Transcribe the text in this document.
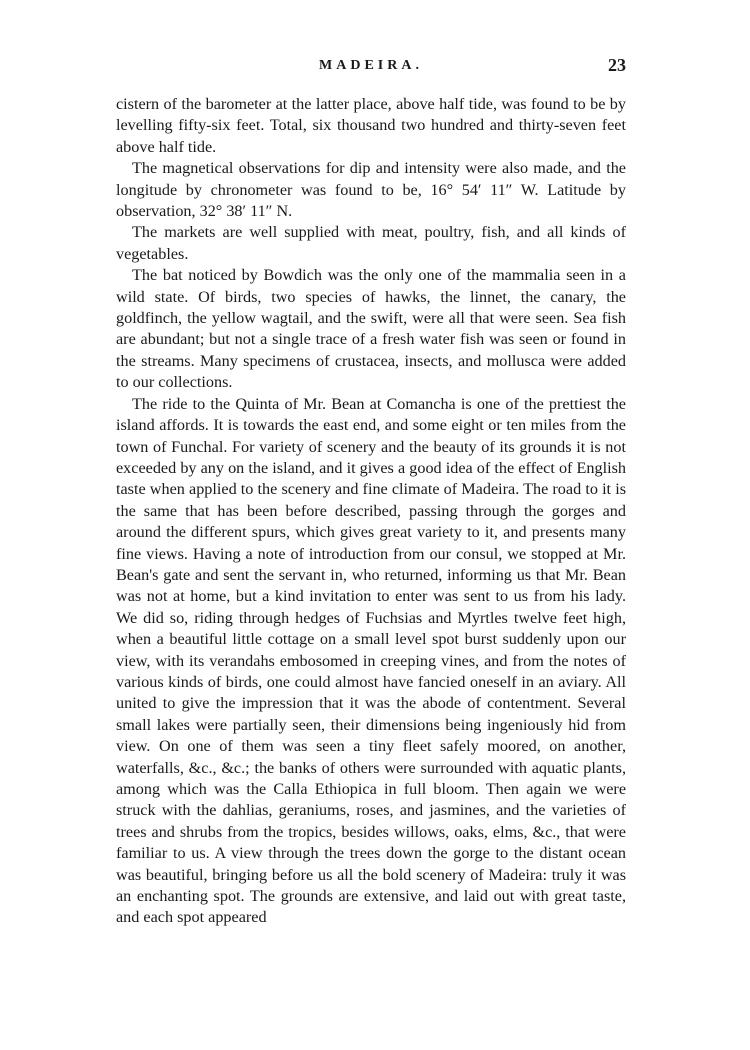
MADEIRA.	23

cistern of the barometer at the latter place, above half tide, was found to be by levelling fifty-six feet. Total, six thousand two hundred and thirty-seven feet above half tide.

The magnetical observations for dip and intensity were also made, and the longitude by chronometer was found to be, 16° 54′ 11″ W. Latitude by observation, 32° 38′ 11″ N.

The markets are well supplied with meat, poultry, fish, and all kinds of vegetables.

The bat noticed by Bowdich was the only one of the mammalia seen in a wild state. Of birds, two species of hawks, the linnet, the canary, the goldfinch, the yellow wagtail, and the swift, were all that were seen. Sea fish are abundant; but not a single trace of a fresh water fish was seen or found in the streams. Many specimens of crustacea, insects, and mollusca were added to our collections.

The ride to the Quinta of Mr. Bean at Comancha is one of the prettiest the island affords. It is towards the east end, and some eight or ten miles from the town of Funchal. For variety of scenery and the beauty of its grounds it is not exceeded by any on the island, and it gives a good idea of the effect of English taste when applied to the scenery and fine climate of Madeira. The road to it is the same that has been before described, passing through the gorges and around the different spurs, which gives great variety to it, and presents many fine views. Having a note of introduction from our consul, we stopped at Mr. Bean's gate and sent the servant in, who returned, informing us that Mr. Bean was not at home, but a kind invitation to enter was sent to us from his lady. We did so, riding through hedges of Fuchsias and Myrtles twelve feet high, when a beautiful little cottage on a small level spot burst suddenly upon our view, with its verandahs embosomed in creeping vines, and from the notes of various kinds of birds, one could almost have fancied oneself in an aviary. All united to give the impression that it was the abode of contentment. Several small lakes were partially seen, their dimensions being ingeniously hid from view. On one of them was seen a tiny fleet safely moored, on another, waterfalls, &c., &c.; the banks of others were surrounded with aquatic plants, among which was the Calla Ethiopica in full bloom. Then again we were struck with the dahlias, geraniums, roses, and jasmines, and the varieties of trees and shrubs from the tropics, besides willows, oaks, elms, &c., that were familiar to us. A view through the trees down the gorge to the distant ocean was beautiful, bringing before us all the bold scenery of Madeira: truly it was an enchanting spot. The grounds are extensive, and laid out with great taste, and each spot appeared
